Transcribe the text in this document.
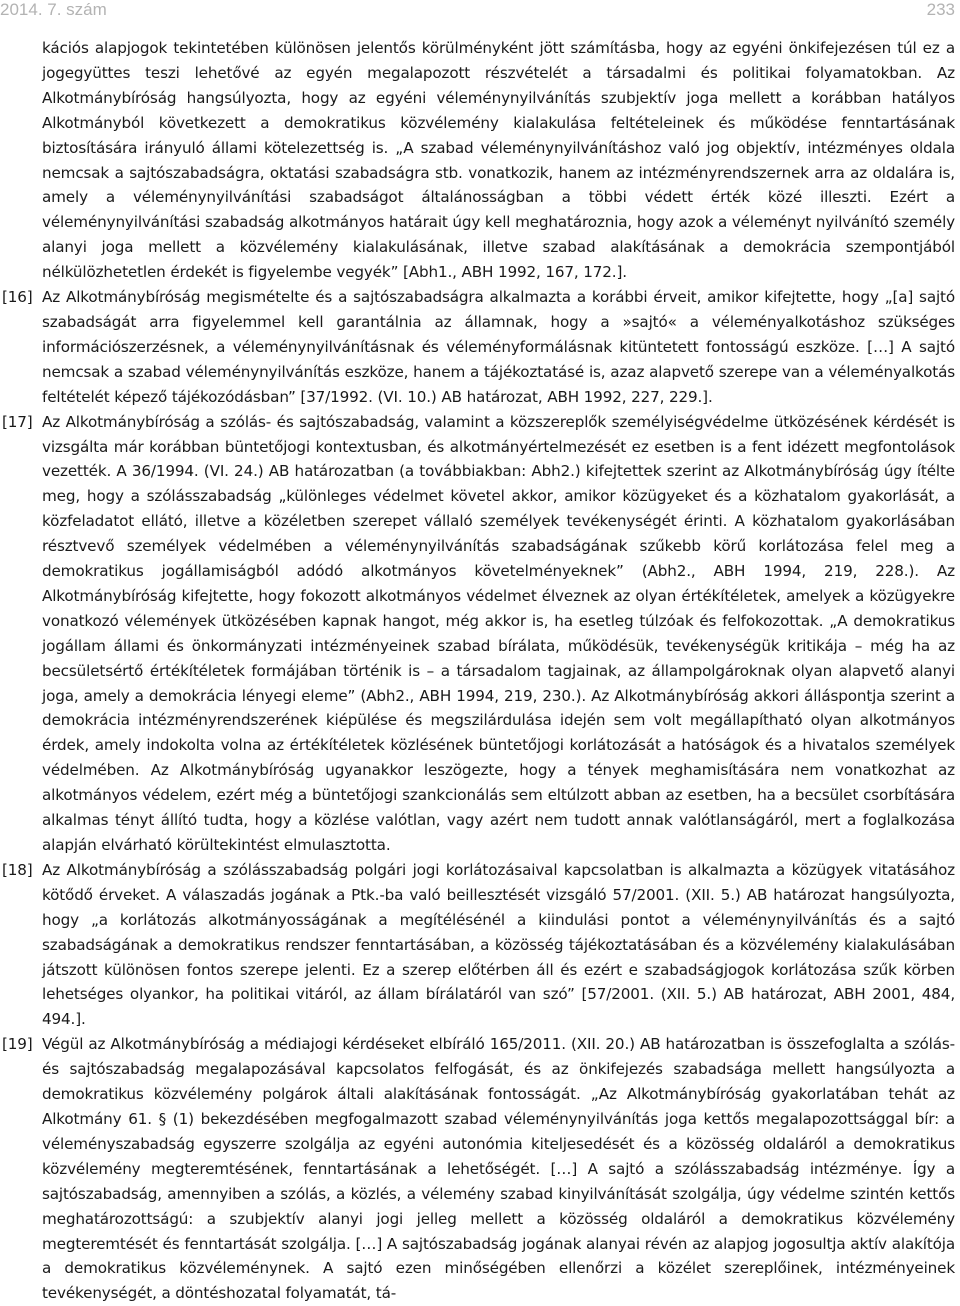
2014. 7. szám	233

kációs alapjogok tekintetében különösen jelentős körülményként jött számításba, hogy az egyéni önkifejezésen túl ez a jogegyüttes teszi lehetővé az egyén megalapozott részvételét a társadalmi és politikai folyamatokban. Az Alkotmánybíróság hangsúlyozta, hogy az egyéni véleménynyilvánítás szubjektív joga mellett a korábban hatályos Alkotmányból következett a demokratikus közvélemény kialakulása feltételeinek és működése fenntartásának biztosítására irányuló állami kötelezettség is. „A szabad véleménynyilvánításhoz való jog objektív, intézményes oldala nemcsak a sajtószabadságra, oktatási szabadságra stb. vonatkozik, hanem az intézményrendszernek arra az oldalára is, amely a véleménynyilvánítási szabadságot általánosságban a többi védett érték közé illeszti. Ezért a véleménynyilvánítási szabadság alkotmányos határait úgy kell meghatároznia, hogy azok a véleményt nyilvánító személy alanyi joga mellett a közvélemény kialakulásának, illetve szabad alakításának a demokrácia szempontjából nélkülözhetetlen érdekét is figyelembe vegyék” [Abh1., ABH 1992, 167, 172.].

[16] Az Alkotmánybíróság megismételte és a sajtószabadságra alkalmazta a korábbi érveit, amikor kifejtette, hogy „[a] sajtó szabadságát arra figyelemmel kell garantálnia az államnak, hogy a »sajtó« a véleményalkotáshoz szükséges információszerzésnek, a véleménynyilvánításnak és véleményformálásnak kitüntetett fontosságú eszköze. […] A sajtó nemcsak a szabad véleménynyilvánítás eszköze, hanem a tájékoztatásé is, azaz alapvető szerepe van a véleményalkotás feltételét képező tájékozódásban” [37/1992. (VI. 10.) AB határozat, ABH 1992, 227, 229.].

[17] Az Alkotmánybíróság a szólás- és sajtószabadság, valamint a közszereplők személyiségvédelme ütközésének kérdését is vizsgálta már korábban büntetőjogi kontextusban, és alkotmányértelmezését ez esetben is a fent idézett megfontolások vezették. A 36/1994. (VI. 24.) AB határozatban (a továbbiakban: Abh2.) kifejtettek szerint az Alkotmánybíróság úgy ítélte meg, hogy a szólásszabadság „különleges védelmet követel akkor, amikor közügyeket és a közhatalom gyakorlását, a közfeladatot ellátó, illetve a közéletben szerepet vállaló személyek tevékenységét érinti. A közhatalom gyakorlásában résztvevő személyek védelmében a véleménynyilvánítás szabadságának szűkebb körű korlátozása felel meg a demokratikus jogállamiságból adódó alkotmányos követelményeknek” (Abh2., ABH 1994, 219, 228.). Az Alkotmánybíróság kifejtette, hogy fokozott alkotmányos védelmet élveznek az olyan értékítéletek, amelyek a közügyekre vonatkozó vélemények ütközésében kapnak hangot, még akkor is, ha esetleg túlzóak és felfokozottak. „A demokratikus jogállam állami és önkormányzati intézményeinek szabad bírálata, működésük, tevékenységük kritikája – még ha az becsületsértő értékítéletek formájában történik is – a társadalom tagjainak, az állampolgároknak olyan alapvető alanyi joga, amely a demokrácia lényegi eleme” (Abh2., ABH 1994, 219, 230.). Az Alkotmánybíróság akkori álláspontja szerint a demokrácia intézményrendszerének kiépülése és megszilárdulása idején sem volt megállapítható olyan alkotmányos érdek, amely indokolta volna az értékítéletek közlésének büntetőjogi korlátozását a hatóságok és a hivatalos személyek védelmében. Az Alkotmánybíróság ugyanakkor leszögezte, hogy a tények meghamisítására nem vonatkozhat az alkotmányos védelem, ezért még a büntetőjogi szankcionálás sem eltúlzott abban az esetben, ha a becsület csorbítására alkalmas tényt állító tudta, hogy a közlése valótlan, vagy azért nem tudott annak valótlanságáról, mert a foglalkozása alapján elvárható körültekintést elmulasztotta.

[18] Az Alkotmánybíróság a szólásszabadság polgári jogi korlátozásaival kapcsolatban is alkalmazta a közügyek vitatásához kötődő érveket. A válaszadás jogának a Ptk.-ba való beillesztését vizsgáló 57/2001. (XII. 5.) AB határozat hangsúlyozta, hogy „a korlátozás alkotmányosságának a megítélésénél a kiindulási pontot a véleménynyilvánítás és a sajtó szabadságának a demokratikus rendszer fenntartásában, a közösség tájékoztatásában és a közvélemény kialakulásában játszott különösen fontos szerepe jelenti. Ez a szerep előtérben áll és ezért e szabadságjogok korlátozása szűk körben lehetséges olyankor, ha politikai vitáról, az állam bírálatáról van szó” [57/2001. (XII. 5.) AB határozat, ABH 2001, 484, 494.].

[19] Végül az Alkotmánybíróság a médiajogi kérdéseket elbíráló 165/2011. (XII. 20.) AB határozatban is összefoglalta a szólás- és sajtószabadság megalapozásával kapcsolatos felfogását, és az önkifejezés szabadsága mellett hangsúlyozta a demokratikus közvélemény polgárok általi alakításának fontosságát. „Az Alkotmánybíróság gyakorlatában tehát az Alkotmány 61. § (1) bekezdésében megfogalmazott szabad véleménynyilvánítás joga kettős megalapozottsággal bír: a véleményszabadság egyszerre szolgálja az egyéni autonómia kiteljesedését és a közösség oldaláról a demokratikus közvélemény megteremtésének, fenntartásának a lehetőségét. […] A sajtó a szólásszabadság intézménye. Így a sajtószabadság, amennyiben a szólás, a közlés, a vélemény szabad kinyilvánítását szolgálja, úgy védelme szintén kettős meghatározottságú: a szubjektív alanyi jogi jelleg mellett a közösség oldaláról a demokratikus közvélemény megteremtését és fenntartását szolgálja. […] A sajtószabadság jogának alanyai révén az alapjog jogosultja aktív alakítója a demokratikus közvéleménynek. A sajtó ezen minőségében ellenőrzi a közélet szereplőinek, intézményeinek tevékenységét, a döntéshozatal folyamatát, tá-
